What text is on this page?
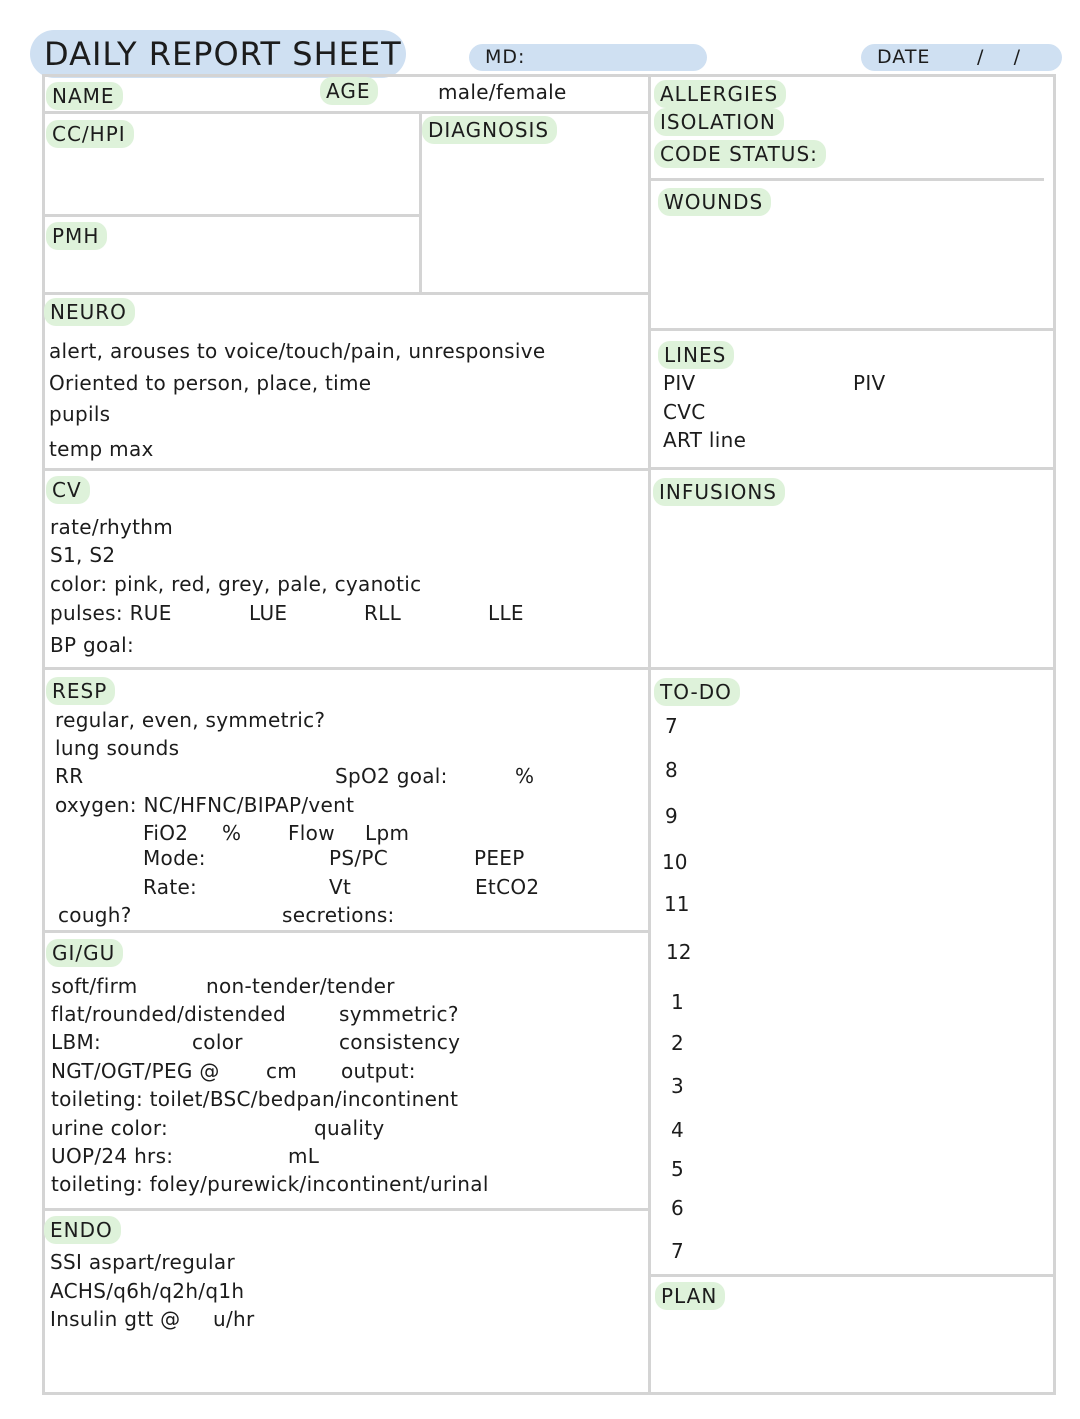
DAILY REPORT SHEET	MD:	DATE /     /
NAME	AGE	male/female
CC/HPI	DIAGNOSIS
PMH
ALLERGIES
ISOLATION
CODE STATUS:
WOUNDS
LINES
PIV	PIV
CVC
ART line
INFUSIONS
NEURO
alert, arouses to voice/touch/pain, unresponsive
Oriented to person, place, time
pupils
temp max
CV
rate/rhythm
S1, S2
color: pink, red, grey, pale, cyanotic
pulses: RUE	LUE	RLL	LLE
BP goal:
RESP
regular, even, symmetric?
lung sounds
RR	SpO2 goal:	%
oxygen: NC/HFNC/BIPAP/vent
FiO2 % Flow Lpm
Mode:	PS/PC	PEEP
Rate:	Vt	EtCO2
cough?	secretions:
GI/GU
soft/firm	non-tender/tender
flat/rounded/distended	symmetric?
LBM:	color	consistency
NGT/OGT/PEG @ cm output:
toileting: toilet/BSC/bedpan/incontinent
urine color:	quality
UOP/24 hrs:	mL
toileting: foley/purewick/incontinent/urinal
ENDO
SSI aspart/regular
ACHS/q6h/q2h/q1h
Insulin gtt @ u/hr
TO-DO
7
8
9
10
11
12
1
2
3
4
5
6
7
PLAN
